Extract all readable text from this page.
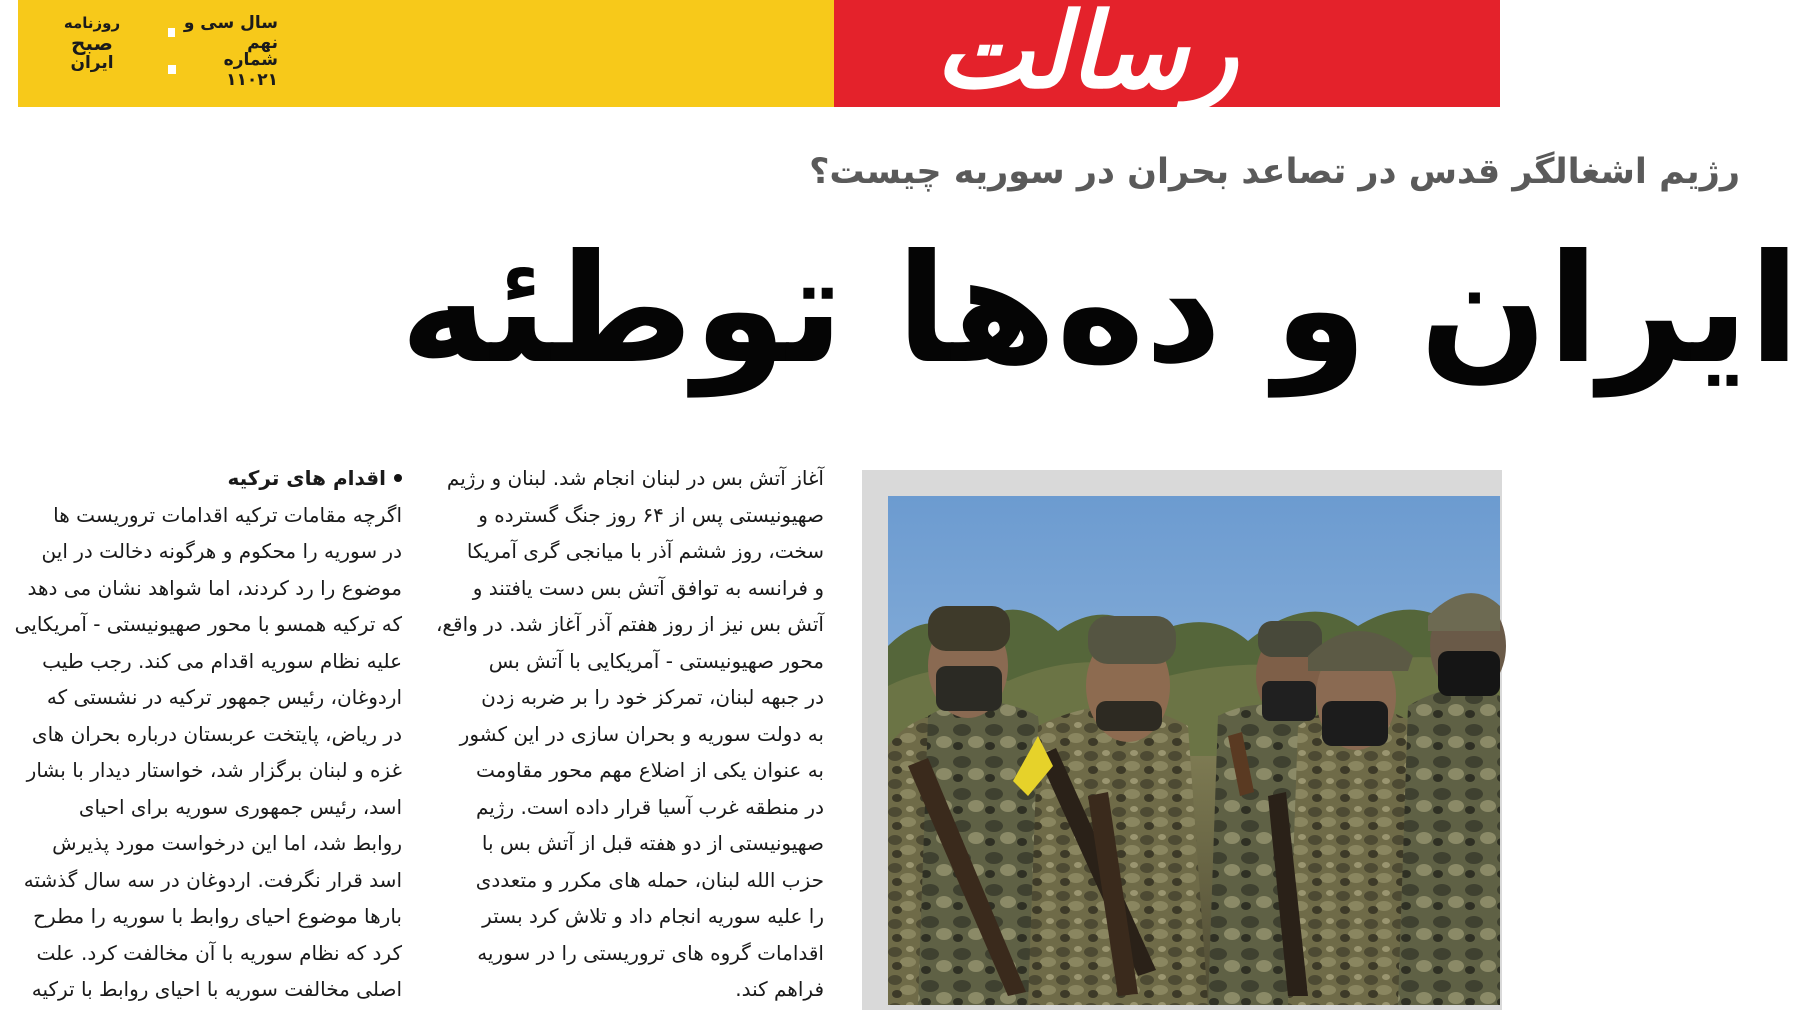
سال سی و نهم
شماره ۱۱۰۲۱
روزنامه
صبح
ایران	رسالت
رژیم اشغالگر قدس در تصاعد بحران در سوریه چیست؟
ایران و ده‌ها توطئه
آغاز آتش بس در لبنان انجام شد. لبنان و رژیم
صهیونیستی پس از ۶۴ روز جنگ گسترده و
سخت، روز ششم آذر با میانجی گری آمریکا
و فرانسه به توافق آتش بس دست یافتند و
آتش بس نیز از روز هفتم آذر آغاز شد. در واقع،
محور صهیونیستی - آمریکایی با آتش بس
در جبهه لبنان، تمرکز خود را بر ضربه زدن
به دولت سوریه و بحران سازی در این کشور
به عنوان یکی از اضلاع مهم محور مقاومت
در منطقه غرب آسیا قرار داده است. رژیم
صهیونیستی از دو هفته قبل از آتش بس با
حزب الله لبنان، حمله های مکرر و متعددی
را علیه سوریه انجام داد و تلاش کرد بستر
اقدامات گروه های تروریستی را در سوریه
فراهم کند.
اقدام های ترکیه
اگرچه مقامات ترکیه اقدامات تروریست ها
در سوریه را محکوم و هرگونه دخالت در این
موضوع را رد کردند، اما شواهد نشان می دهد
که ترکیه همسو با محور صهیونیستی - آمریکایی
علیه نظام سوریه اقدام می کند. رجب طیب
اردوغان، رئیس جمهور ترکیه در نشستی که
در ریاض، پایتخت عربستان درباره بحران های
غزه و لبنان برگزار شد، خواستار دیدار با بشار
اسد، رئیس جمهوری سوریه برای احیای
روابط شد، اما این درخواست مورد پذیرش
اسد قرار نگرفت. اردوغان در سه سال گذشته
بارها موضوع احیای روابط با سوریه را مطرح
کرد که نظام سوریه با آن مخالفت کرد. علت
اصلی مخالفت سوریه با احیای روابط با ترکیه
